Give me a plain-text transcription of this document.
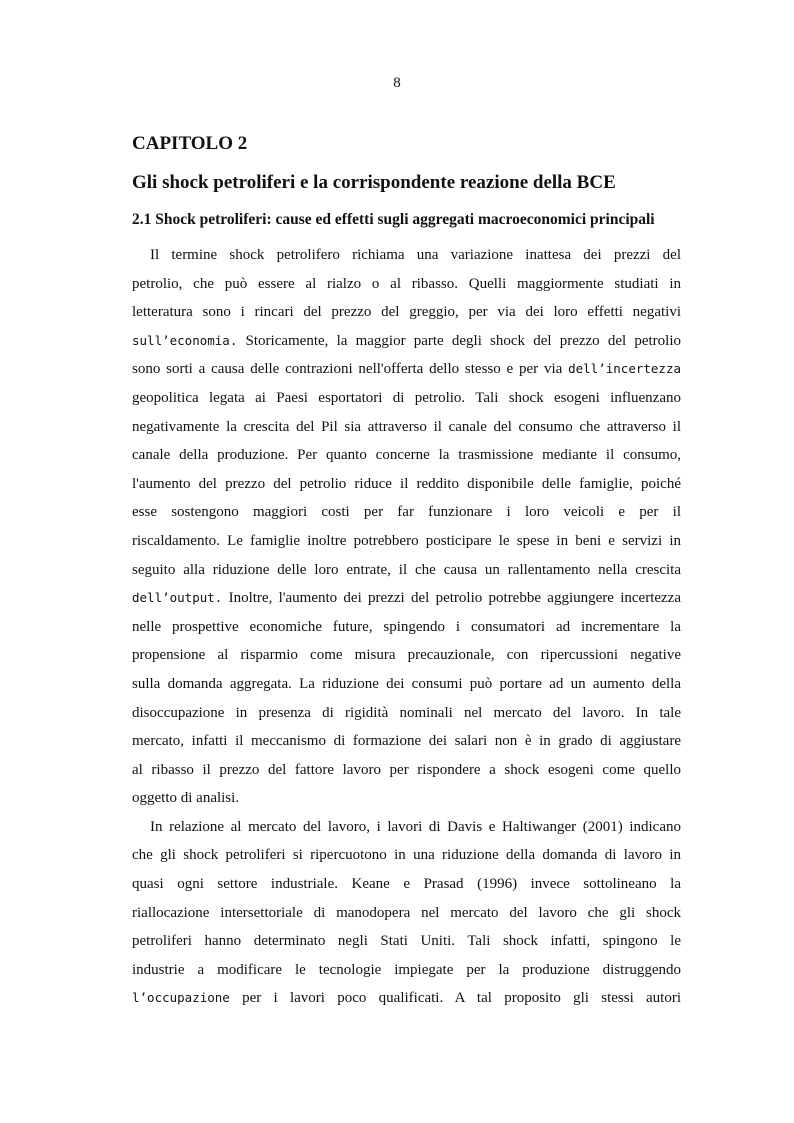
8
CAPITOLO 2
Gli shock petroliferi e la corrispondente reazione della BCE
2.1 Shock petroliferi: cause ed effetti sugli aggregati macroeconomici principali
Il termine shock petrolifero richiama una variazione inattesa dei prezzi del
petrolio, che può essere al rialzo o al ribasso. Quelli maggiormente studiati in
letteratura sono i rincari del prezzo del greggio, per via dei loro effetti negativi
sull’economia. Storicamente, la maggior parte degli shock del prezzo del petrolio
sono sorti a causa delle contrazioni nell'offerta dello stesso e per via dell’incertezza
geopolitica legata ai Paesi esportatori di petrolio. Tali shock esogeni influenzano
negativamente la crescita del Pil sia attraverso il canale del consumo che attraverso il
canale della produzione. Per quanto concerne la trasmissione mediante il consumo,
l'aumento del prezzo del petrolio riduce il reddito disponibile delle famiglie, poiché
esse sostengono maggiori costi per far funzionare i loro veicoli e per il
riscaldamento. Le famiglie inoltre potrebbero posticipare le spese in beni e servizi in
seguito alla riduzione delle loro entrate, il che causa un rallentamento nella crescita
dell’output. Inoltre, l'aumento dei prezzi del petrolio potrebbe aggiungere incertezza
nelle prospettive economiche future, spingendo i consumatori ad incrementare la
propensione al risparmio come misura precauzionale, con ripercussioni negative
sulla domanda aggregata. La riduzione dei consumi può portare ad un aumento della
disoccupazione in presenza di rigidità nominali nel mercato del lavoro. In tale
mercato, infatti il meccanismo di formazione dei salari non è in grado di aggiustare
al ribasso il prezzo del fattore lavoro per rispondere a shock esogeni come quello
oggetto di analisi.
In relazione al mercato del lavoro, i lavori di Davis e Haltiwanger (2001) indicano
che gli shock petroliferi si ripercuotono in una riduzione della domanda di lavoro in
quasi ogni settore industriale. Keane e Prasad (1996) invece sottolineano la
riallocazione intersettoriale di manodopera nel mercato del lavoro che gli shock
petroliferi hanno determinato negli Stati Uniti. Tali shock infatti, spingono le
industrie a modificare le tecnologie impiegate per la produzione distruggendo
l’occupazione per i lavori poco qualificati. A tal proposito gli stessi autori
